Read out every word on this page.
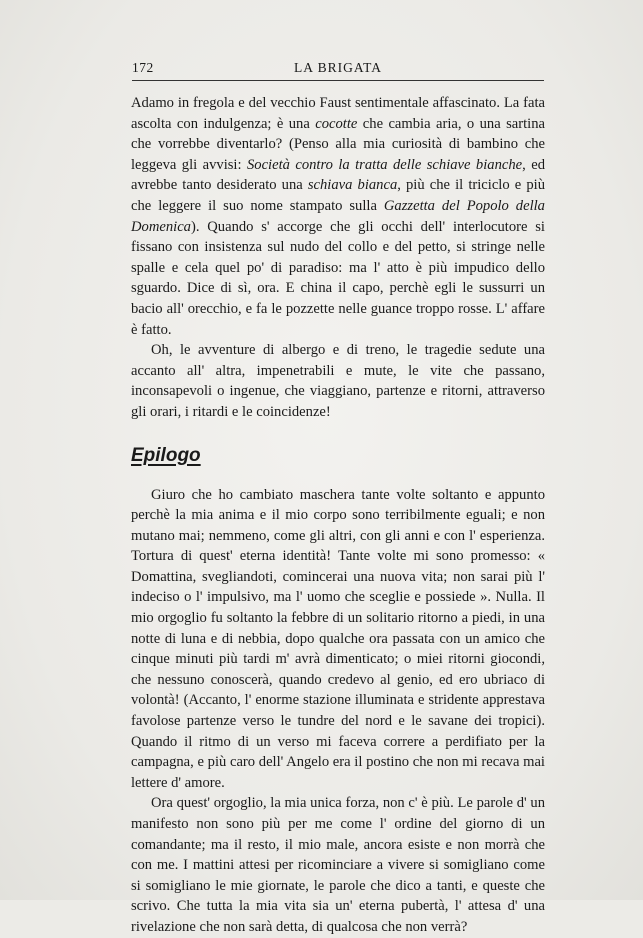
172	LA BRIGATA

Adamo in fregola e del vecchio Faust sentimentale affascinato. La fata ascolta con indulgenza; è una cocotte che cambia aria, o una sartina che vorrebbe diventarlo? (Penso alla mia curiosità di bambino che leggeva gli avvisi: Società contro la tratta delle schiave bianche, ed avrebbe tanto desiderato una schiava bianca, più che il triciclo e più che leggere il suo nome stampato sulla Gazzetta del Popolo della Domenica). Quando s' accorge che gli occhi dell' interlocutore si fissano con insistenza sul nudo del collo e del petto, si stringe nelle spalle e cela quel po' di paradiso: ma l' atto è più impudico dello sguardo. Dice di sì, ora. E china il capo, perchè egli le sussurri un bacio all' orecchio, e fa le pozzette nelle guance troppo rosse. L' affare è fatto.

Oh, le avventure di albergo e di treno, le tragedie sedute una accanto all' altra, impenetrabili e mute, le vite che passano, inconsapevoli o ingenue, che viaggiano, partenze e ritorni, attraverso gli orari, i ritardi e le coincidenze!

Epilogo

Giuro che ho cambiato maschera tante volte soltanto e appunto perchè la mia anima e il mio corpo sono terribilmente eguali; e non mutano mai; nemmeno, come gli altri, con gli anni e con l' esperienza. Tortura di quest' eterna identità! Tante volte mi sono promesso: « Domattina, svegliandoti, comincerai una nuova vita; non sarai più l' indeciso o l' impulsivo, ma l' uomo che sceglie e possiede ». Nulla. Il mio orgoglio fu soltanto la febbre di un solitario ritorno a piedi, in una notte di luna e di nebbia, dopo qualche ora passata con un amico che cinque minuti più tardi m' avrà dimenticato; o miei ritorni giocondi, che nessuno conoscerà, quando credevo al genio, ed ero ubriaco di volontà! (Accanto, l' enorme stazione illuminata e stridente apprestava favolose partenze verso le tundre del nord e le savane dei tropici). Quando il ritmo di un verso mi faceva correre a perdifiato per la campagna, e più caro dell' Angelo era il postino che non mi recava mai lettere d' amore.

Ora quest' orgoglio, la mia unica forza, non c' è più. Le parole d' un manifesto non sono più per me come l' ordine del giorno di un comandante; ma il resto, il mio male, ancora esiste e non morrà che con me. I mattini attesi per ricominciare a vivere si somigliano come si somigliano le mie giornate, le parole che dico a tanti, e queste che scrivo. Che tutta la mia vita sia un' eterna pubertà, l' attesa d' una rivelazione che non sarà detta, di qualcosa che non verrà?
